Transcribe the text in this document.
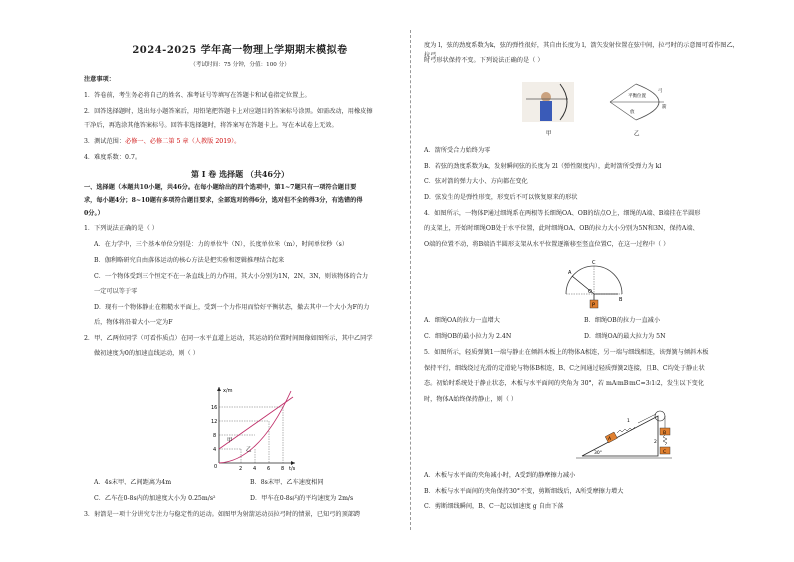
2024-2025 学年高一物理上学期期末模拟卷
（考试时间：75 分钟，分值：100 分）
注意事项：
1．答卷前，考生务必将自己的姓名、准考证号等填写在答题卡和试卷指定位置上。
2．回答选择题时，选出每小题答案后，用铅笔把答题卡上对应题目的答案标号涂黑。如需改动，用橡皮擦
干净后，再选涂其他答案标号。回答非选择题时，将答案写在答题卡上。写在本试卷上无效。
3．测试范围：必修一、必修二第 5 章（人教版 2019）。
4．难度系数：0.7。
第 Ⅰ 卷 选择题 （共46分）
一、选择题（本题共10小题，共46分。在每小题给出的四个选项中，第1~7题只有一项符合题目要
求，每小题4分；8~10题有多项符合题目要求，全部选对的得6分，选对但不全的得3分，有选错的得
0分。）
1．下列说法正确的是（ ）
A．在力学中，三个基本单位分别是：力的单位牛（N），长度单位米（m），时间单位秒（s）
B．伽利略研究自由落体运动的核心方法是把实验和逻辑推理结合起来
C．一个物体受到三个恒定不在一条直线上的力作用，其大小分别为1N，2N，3N，则该物体的合力
一定可以等于零
D．现有一个物体静止在粗糙水平面上，受到一个力作用而恰好平衡状态，撤去其中一个大小为F的力
后，物体将沿着大小一定为F
2．甲、乙两位同学（可看作质点）在同一水平直道上运动，其运动的位置时间图像如图所示，其中乙同学
做初速度为0的加速直线运动，则（ ）
x/m
t/s
0
16
12
8
4
2 4 6 8
甲
乙
A．4s末甲、乙间距离为4m	B．8s末甲、乙车速度相同
C．乙车在0-8s内的加速度大小为 0.25m/s²	D．甲车在0-8s内的平均速度为 2m/s
3．射箭是一项十分讲究专注力与稳定性的运动。如图甲为射箭运动员拉弓时的情景，已知弓的顶部跨
度为 l，弦的劲度系数为k，弦的弹性很好，其自由长度为 l，箭矢发射位置在弦中间，拉弓时的示意图可看作图乙，拉弓
时弓形状保持不变。下列说法正确的是（ ）
甲
平衡位置
放
弓
箭
乙
A．箭所受合力始终为零
B．若弦的劲度系数为k，发射瞬间弦的长度为 2l（弹性限度内），此时箭所受弹力为 kl
C．弦对箭的弹力大小、方向都在变化
D．弦发生的是弹性形变，形变后不可以恢复原来的形状
4．如图所示，一物体P通过细绳系在两根等长细绳OA、OB的结点O上，细绳的A端、B端挂在半圆形
的支架上，开始时细绳OB处于水平位置，此时细绳OA、OB的拉力大小分别为5N和3N，保持A端、
O端的位置不动，将B端沿半圆形支架从水平位置逐渐移至竖直位置C，在这一过程中（ ）
P
A
B
C
O
A．细绳OA的拉力一直增大	B．细绳OB的拉力一直减小
C．细绳OB的最小拉力为 2.4N	D．细绳OA的最大拉力为 5N
5．如图所示，轻质弹簧1一端与静止在倾斜木板上的物体A相连，另一端与细线相连，该弹簧与倾斜木板
保持平行，细线绕过光滑的定滑轮与物体B相连，B、C之间通过轻质弹簧2连接，且B、C均处于静止状
态。初始时系统处于静止状态，木板与水平面间的夹角为 30°，若 mA∶mB∶mC=3∶1∶2，发生以下变化
时，物体A始终保持静止，则（ ）
A
1
B
2
C
30°
A．木板与水平面的夹角减小时，A受到的静摩擦力减小
B．木板与水平面间的夹角保持30°不变，剪断细线后，A所受摩擦力增大
C．剪断细线瞬间，B、C一起以加速度 g 自由下落
